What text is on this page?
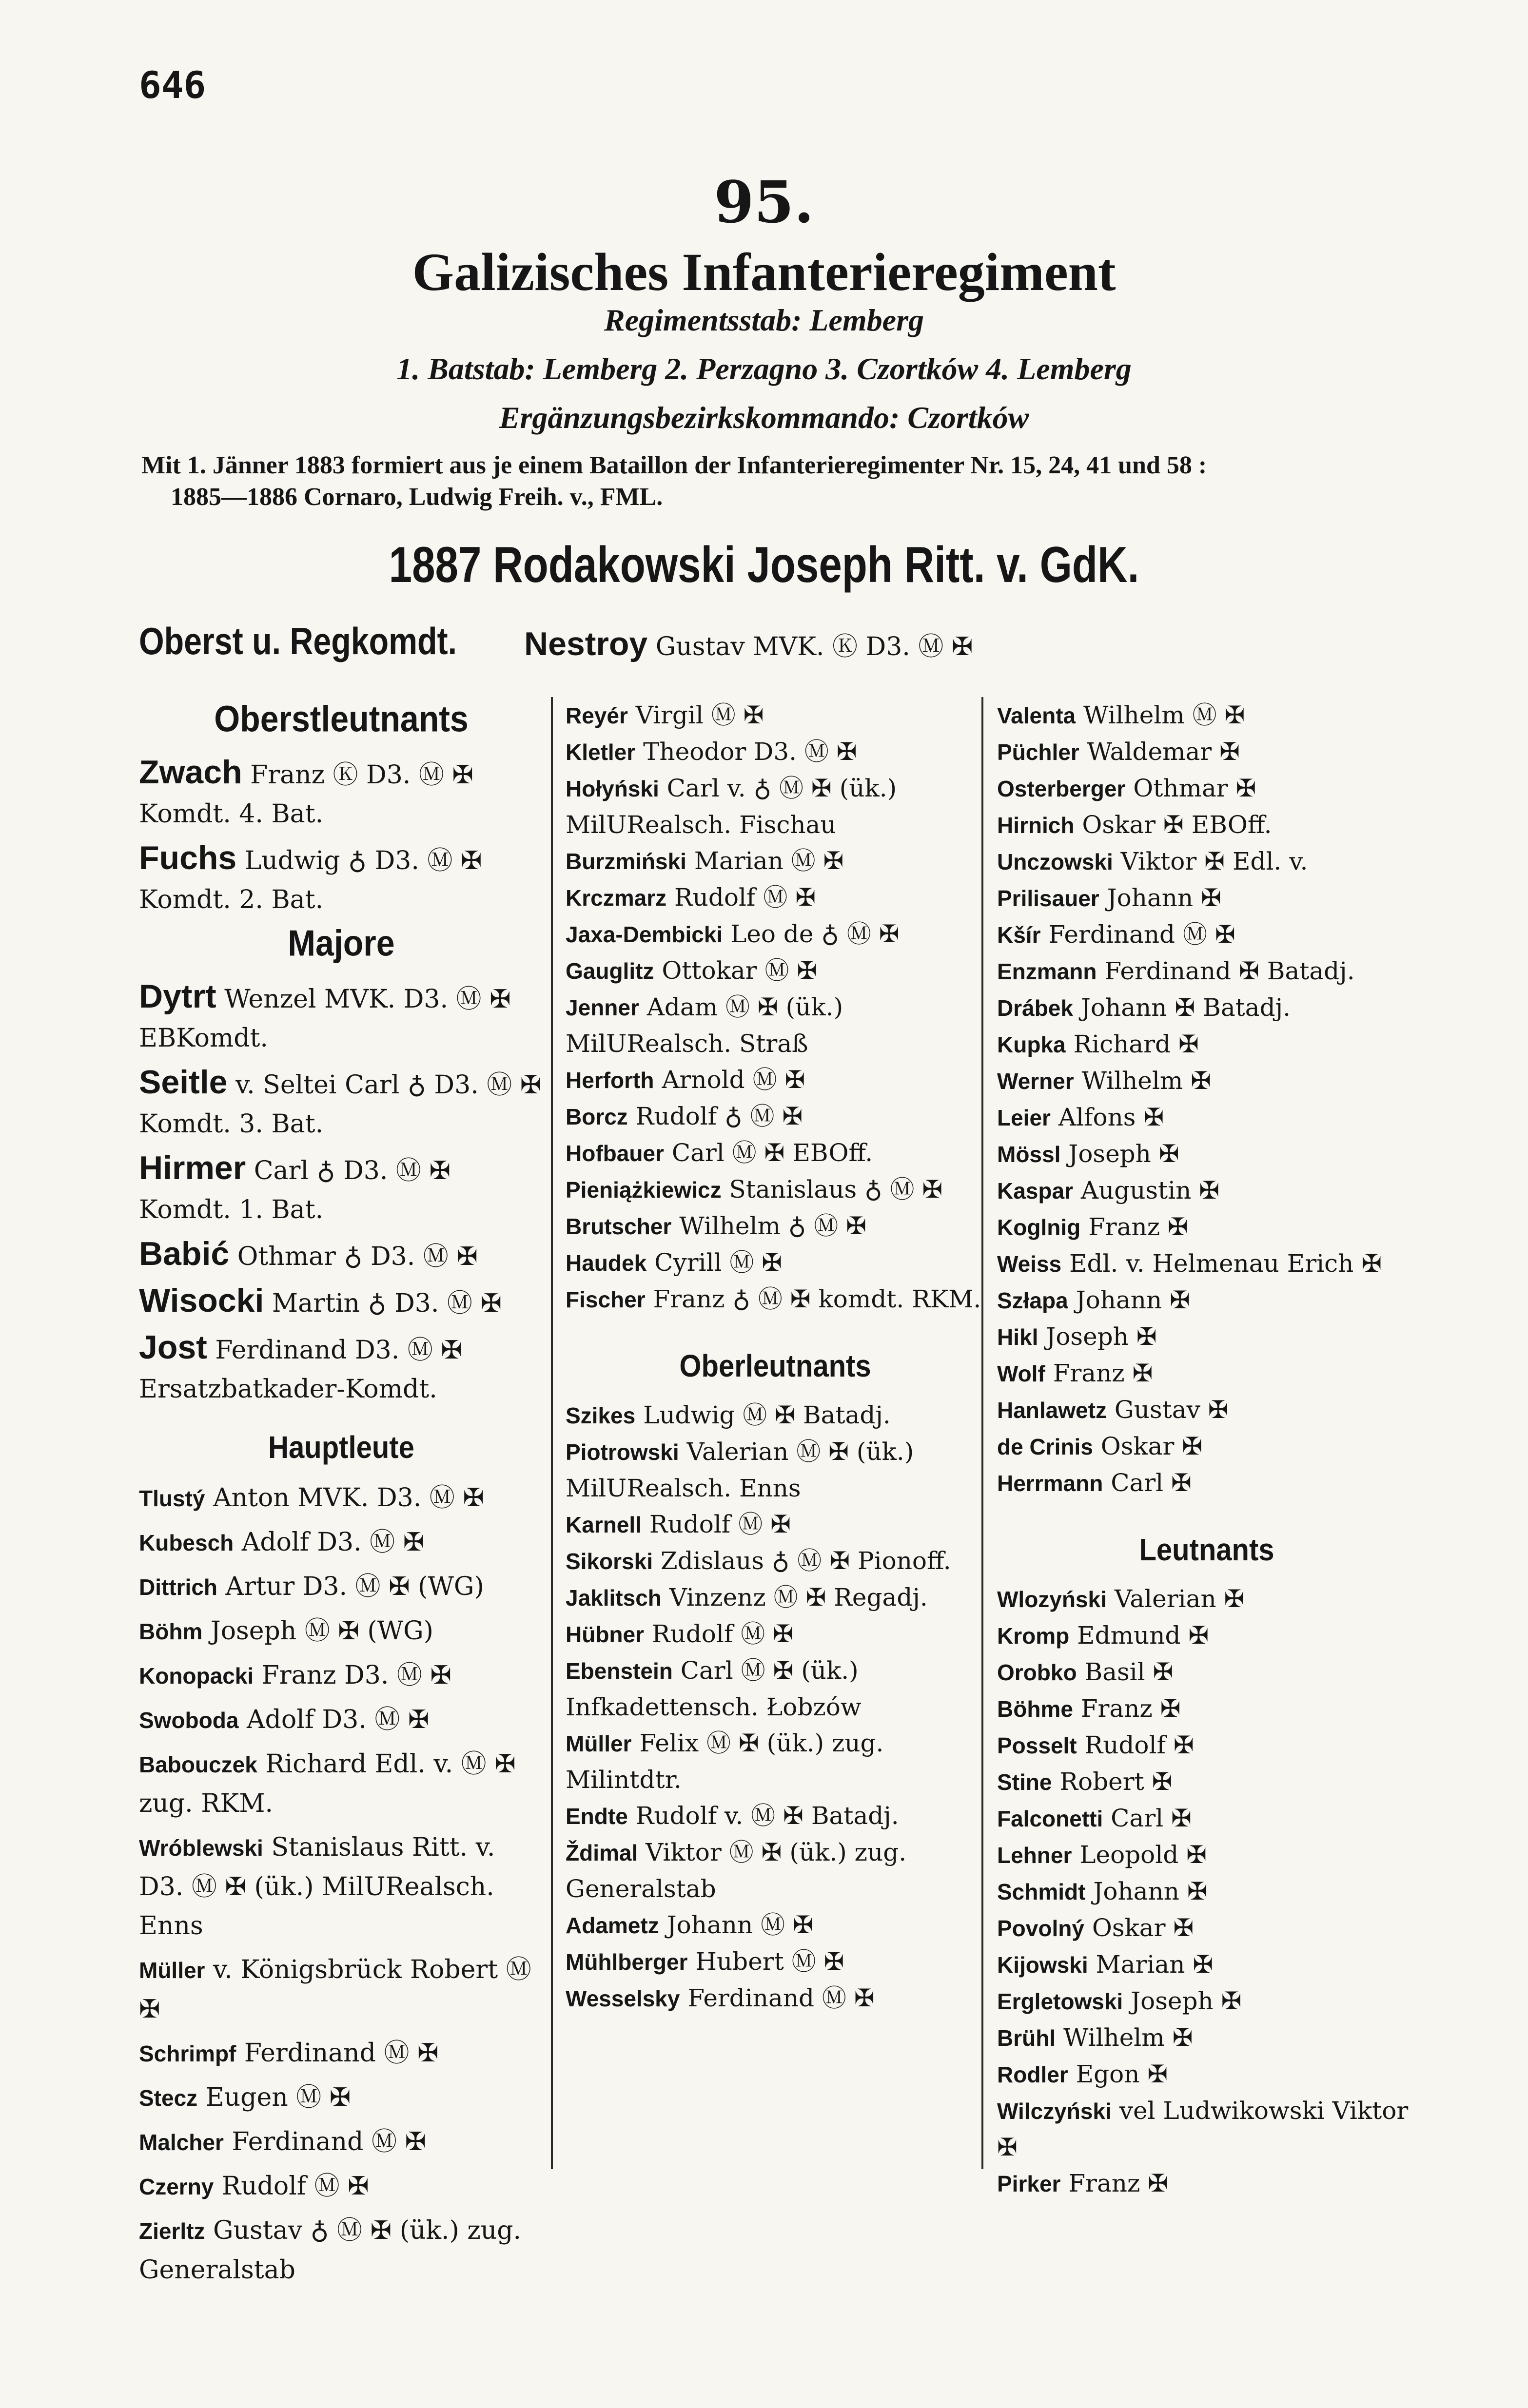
646
95.
Galizisches Infanterieregiment
Regimentsstab: Lemberg
1. Batstab: Lemberg 2. Perzagno 3. Czortków 4. Lemberg
Ergänzungsbezirkskommando: Czortków
Mit 1. Jänner 1883 formiert aus je einem Bataillon der Infanterieregimenter Nr. 15, 24, 41 und 58 :
1885—1886 Cornaro, Ludwig Freih. v., FML.
1887 Rodakowski Joseph Ritt. v. GdK.
Oberst u. Regkomdt. Nestroy Gustav MVK. Ⓚ D3. Ⓜ ✠
Oberstleutnants
Zwach Franz Ⓚ D3. Ⓜ ✠ Komdt. 4. Bat.
Fuchs Ludwig ♁ D3. Ⓜ ✠ Komdt. 2. Bat.
Majore
Dytrt Wenzel MVK. D3. Ⓜ ✠ EBKomdt.
Seitle v. Seltei Carl ♁ D3. Ⓜ ✠ Komdt. 3. Bat.
Hirmer Carl ♁ D3. Ⓜ ✠ Komdt. 1. Bat.
Babić Othmar ♁ D3. Ⓜ ✠
Wisocki Martin ♁ D3. Ⓜ ✠
Jost Ferdinand D3. Ⓜ ✠ Ersatzbatkader-Komdt.
Hauptleute
Tlustý Anton MVK. D3. Ⓜ ✠
Kubesch Adolf D3. Ⓜ ✠
Dittrich Artur D3. Ⓜ ✠ (WG)
Böhm Joseph Ⓜ ✠ (WG)
Konopacki Franz D3. Ⓜ ✠
Swoboda Adolf D3. Ⓜ ✠
Babouczek Richard Edl. v. Ⓜ ✠ zug. RKM.
Wróblewski Stanislaus Ritt. v. D3. Ⓜ ✠ (ük.) MilURealsch. Enns
Müller v. Königsbrück Robert Ⓜ ✠
Schrimpf Ferdinand Ⓜ ✠
Stecz Eugen Ⓜ ✠
Malcher Ferdinand Ⓜ ✠
Czerny Rudolf Ⓜ ✠
Zierltz Gustav ♁ Ⓜ ✠ (ük.) zug. Generalstab
Reyér Virgil Ⓜ ✠
Kletler Theodor D3. Ⓜ ✠
Hołyński Carl v. ♁ Ⓜ ✠ (ük.) MilURealsch. Fischau
Burzmiński Marian Ⓜ ✠
Krczmarz Rudolf Ⓜ ✠
Jaxa-Dembicki Leo de ♁ Ⓜ ✠
Gauglitz Ottokar Ⓜ ✠
Jenner Adam Ⓜ ✠ (ük.) MilURealsch. Straß
Herforth Arnold Ⓜ ✠
Borcz Rudolf ♁ Ⓜ ✠
Hofbauer Carl Ⓜ ✠ EBOff.
Pieniążkiewicz Stanislaus ♁ Ⓜ ✠
Brutscher Wilhelm ♁ Ⓜ ✠
Haudek Cyrill Ⓜ ✠
Fischer Franz ♁ Ⓜ ✠ komdt. RKM.
Oberleutnants
Szikes Ludwig Ⓜ ✠ Batadj.
Piotrowski Valerian Ⓜ ✠ (ük.) MilURealsch. Enns
Karnell Rudolf Ⓜ ✠
Sikorski Zdislaus ♁ Ⓜ ✠ Pionoff.
Jaklitsch Vinzenz Ⓜ ✠ Regadj.
Hübner Rudolf Ⓜ ✠
Ebenstein Carl Ⓜ ✠ (ük.) Infkadettensch. Łobzów
Müller Felix Ⓜ ✠ (ük.) zug. Milintdtr.
Endte Rudolf v. Ⓜ ✠ Batadj.
Ždimal Viktor Ⓜ ✠ (ük.) zug. Generalstab
Adametz Johann Ⓜ ✠
Mühlberger Hubert Ⓜ ✠
Wesselsky Ferdinand Ⓜ ✠
Valenta Wilhelm Ⓜ ✠
Püchler Waldemar ✠
Osterberger Othmar ✠
Hirnich Oskar ✠ EBOff.
Unczowski Viktor ✠ Edl. v.
Prilisauer Johann ✠
Kšír Ferdinand Ⓜ ✠
Enzmann Ferdinand ✠ Batadj.
Drábek Johann ✠ Batadj.
Kupka Richard ✠
Werner Wilhelm ✠
Leier Alfons ✠
Mössl Joseph ✠
Kaspar Augustin ✠
Koglnig Franz ✠
Weiss Edl. v. Helmenau Erich ✠
Szłapa Johann ✠
Hikl Joseph ✠
Wolf Franz ✠
Hanlawetz Gustav ✠
de Crinis Oskar ✠
Herrmann Carl ✠
Leutnants
Wlozyński Valerian ✠
Kromp Edmund ✠
Orobko Basil ✠
Böhme Franz ✠
Posselt Rudolf ✠
Stine Robert ✠
Falconetti Carl ✠
Lehner Leopold ✠
Schmidt Johann ✠
Povolný Oskar ✠
Kijowski Marian ✠
Ergletowski Joseph ✠
Brühl Wilhelm ✠
Rodler Egon ✠
Wilczyński vel Ludwikowski Viktor ✠
Pirker Franz ✠
